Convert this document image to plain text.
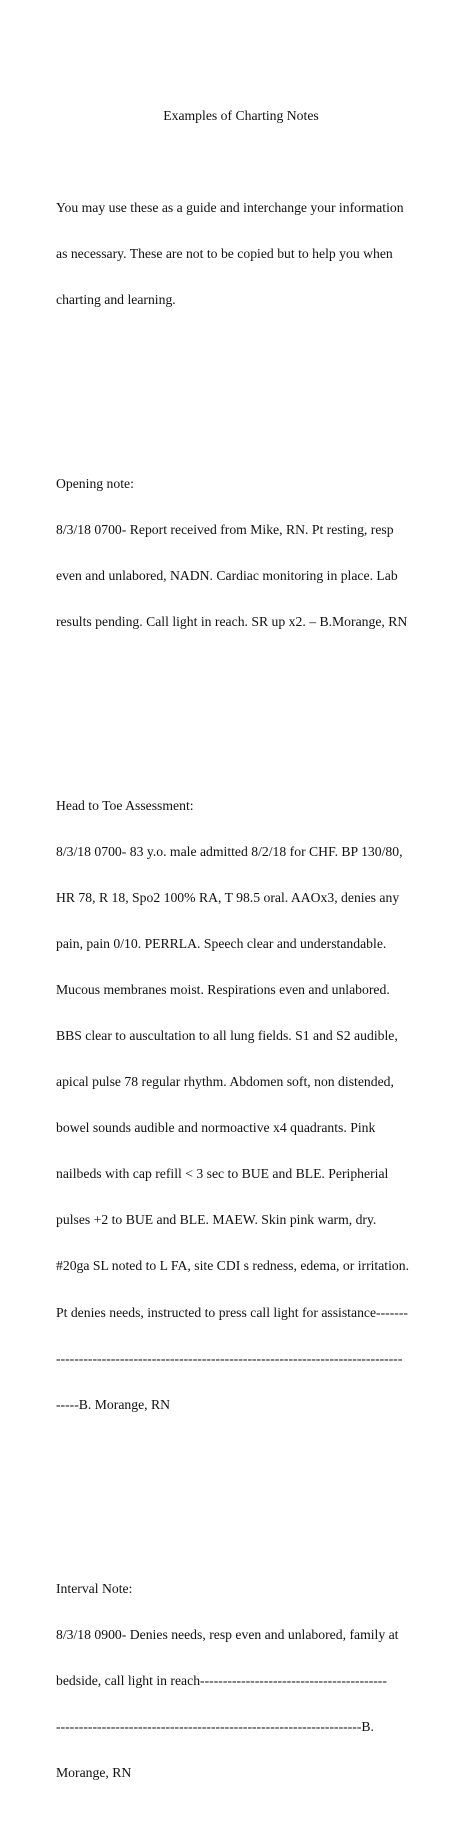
Examples of Charting Notes

You may use these as a guide and interchange your information

as necessary. These are not to be copied but to help you when

charting and learning.

Opening note:

8/3/18 0700- Report received from Mike, RN. Pt resting, resp

even and unlabored, NADN. Cardiac monitoring in place. Lab

results pending. Call light in reach. SR up x2. – B.Morange, RN

Head to Toe Assessment:

8/3/18 0700- 83 y.o. male admitted 8/2/18 for CHF. BP 130/80,

HR 78, R 18, Spo2 100% RA, T 98.5 oral. AAOx3, denies any

pain, pain 0/10. PERRLA. Speech clear and understandable.

Mucous membranes moist. Respirations even and unlabored.

BBS clear to auscultation to all lung fields. S1 and S2 audible,

apical pulse 78 regular rhythm. Abdomen soft, non distended,

bowel sounds audible and normoactive x4 quadrants. Pink

nailbeds with cap refill < 3 sec to BUE and BLE. Peripherial

pulses +2 to BUE and BLE. MAEW. Skin pink warm, dry.

#20ga SL noted to L FA, site CDI s redness, edema, or irritation.

Pt denies needs, instructed to press call light for assistance-------

----------------------------------------------------------------------------

-----B. Morange, RN

Interval Note:

8/3/18 0900- Denies needs, resp even and unlabored, family at

bedside, call light in reach-----------------------------------------

-------------------------------------------------------------------B.

Morange, RN
